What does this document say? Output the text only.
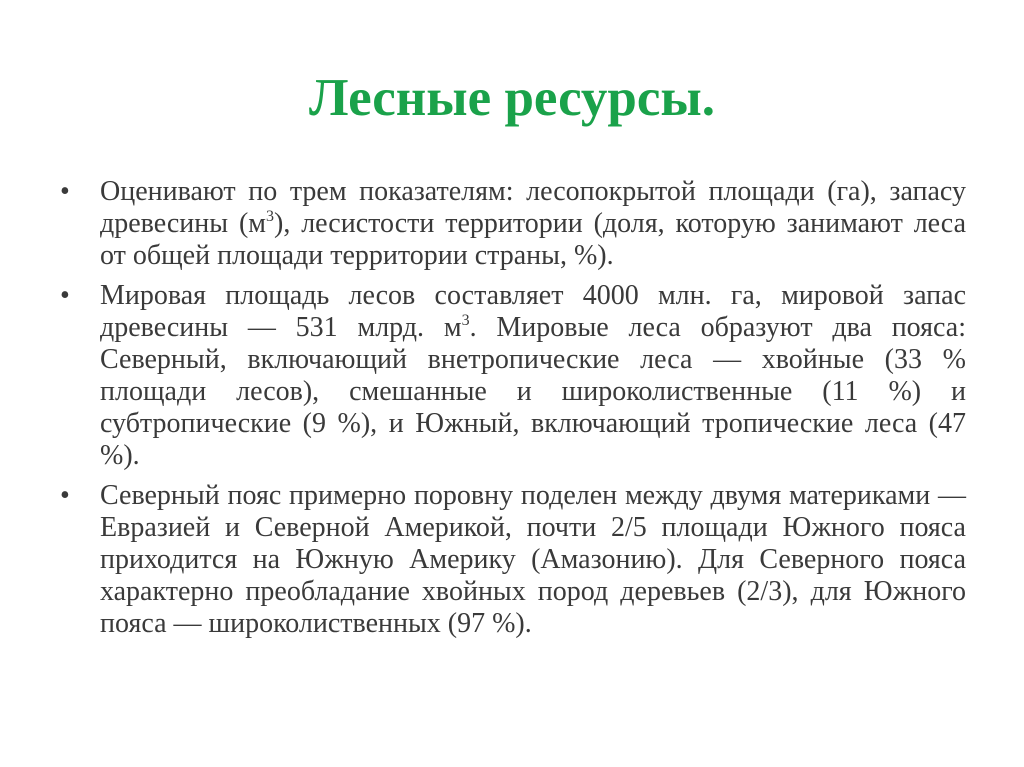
Лесные ресурсы.
•	Оценивают по трем показателям: лесопокрытой площади (га), запасу древесины $(м^3)$, лесистости территории (доля, которую занимают леса от общей площади территории страны, %).
•	Мировая площадь лесов составляет 4000 млн. га, мировой запас древесины — 531 млрд. $м^3$. Мировые леса образуют два пояса: Северный, включающий внетропические леса — хвойные (33 % площади лесов), смешанные и широколиственные (11 %) и субтропические (9 %), и Южный, включающий тропические леса (47 %).
•	Северный пояс примерно поровну поделен между двумя материками — Евразией и Северной Америкой, почти 2/5 площади Южного пояса приходится на Южную Америку (Амазонию). Для Северного пояса характерно преобладание хвойных пород деревьев (2/3), для Южного пояса — широколиственных (97 %).
